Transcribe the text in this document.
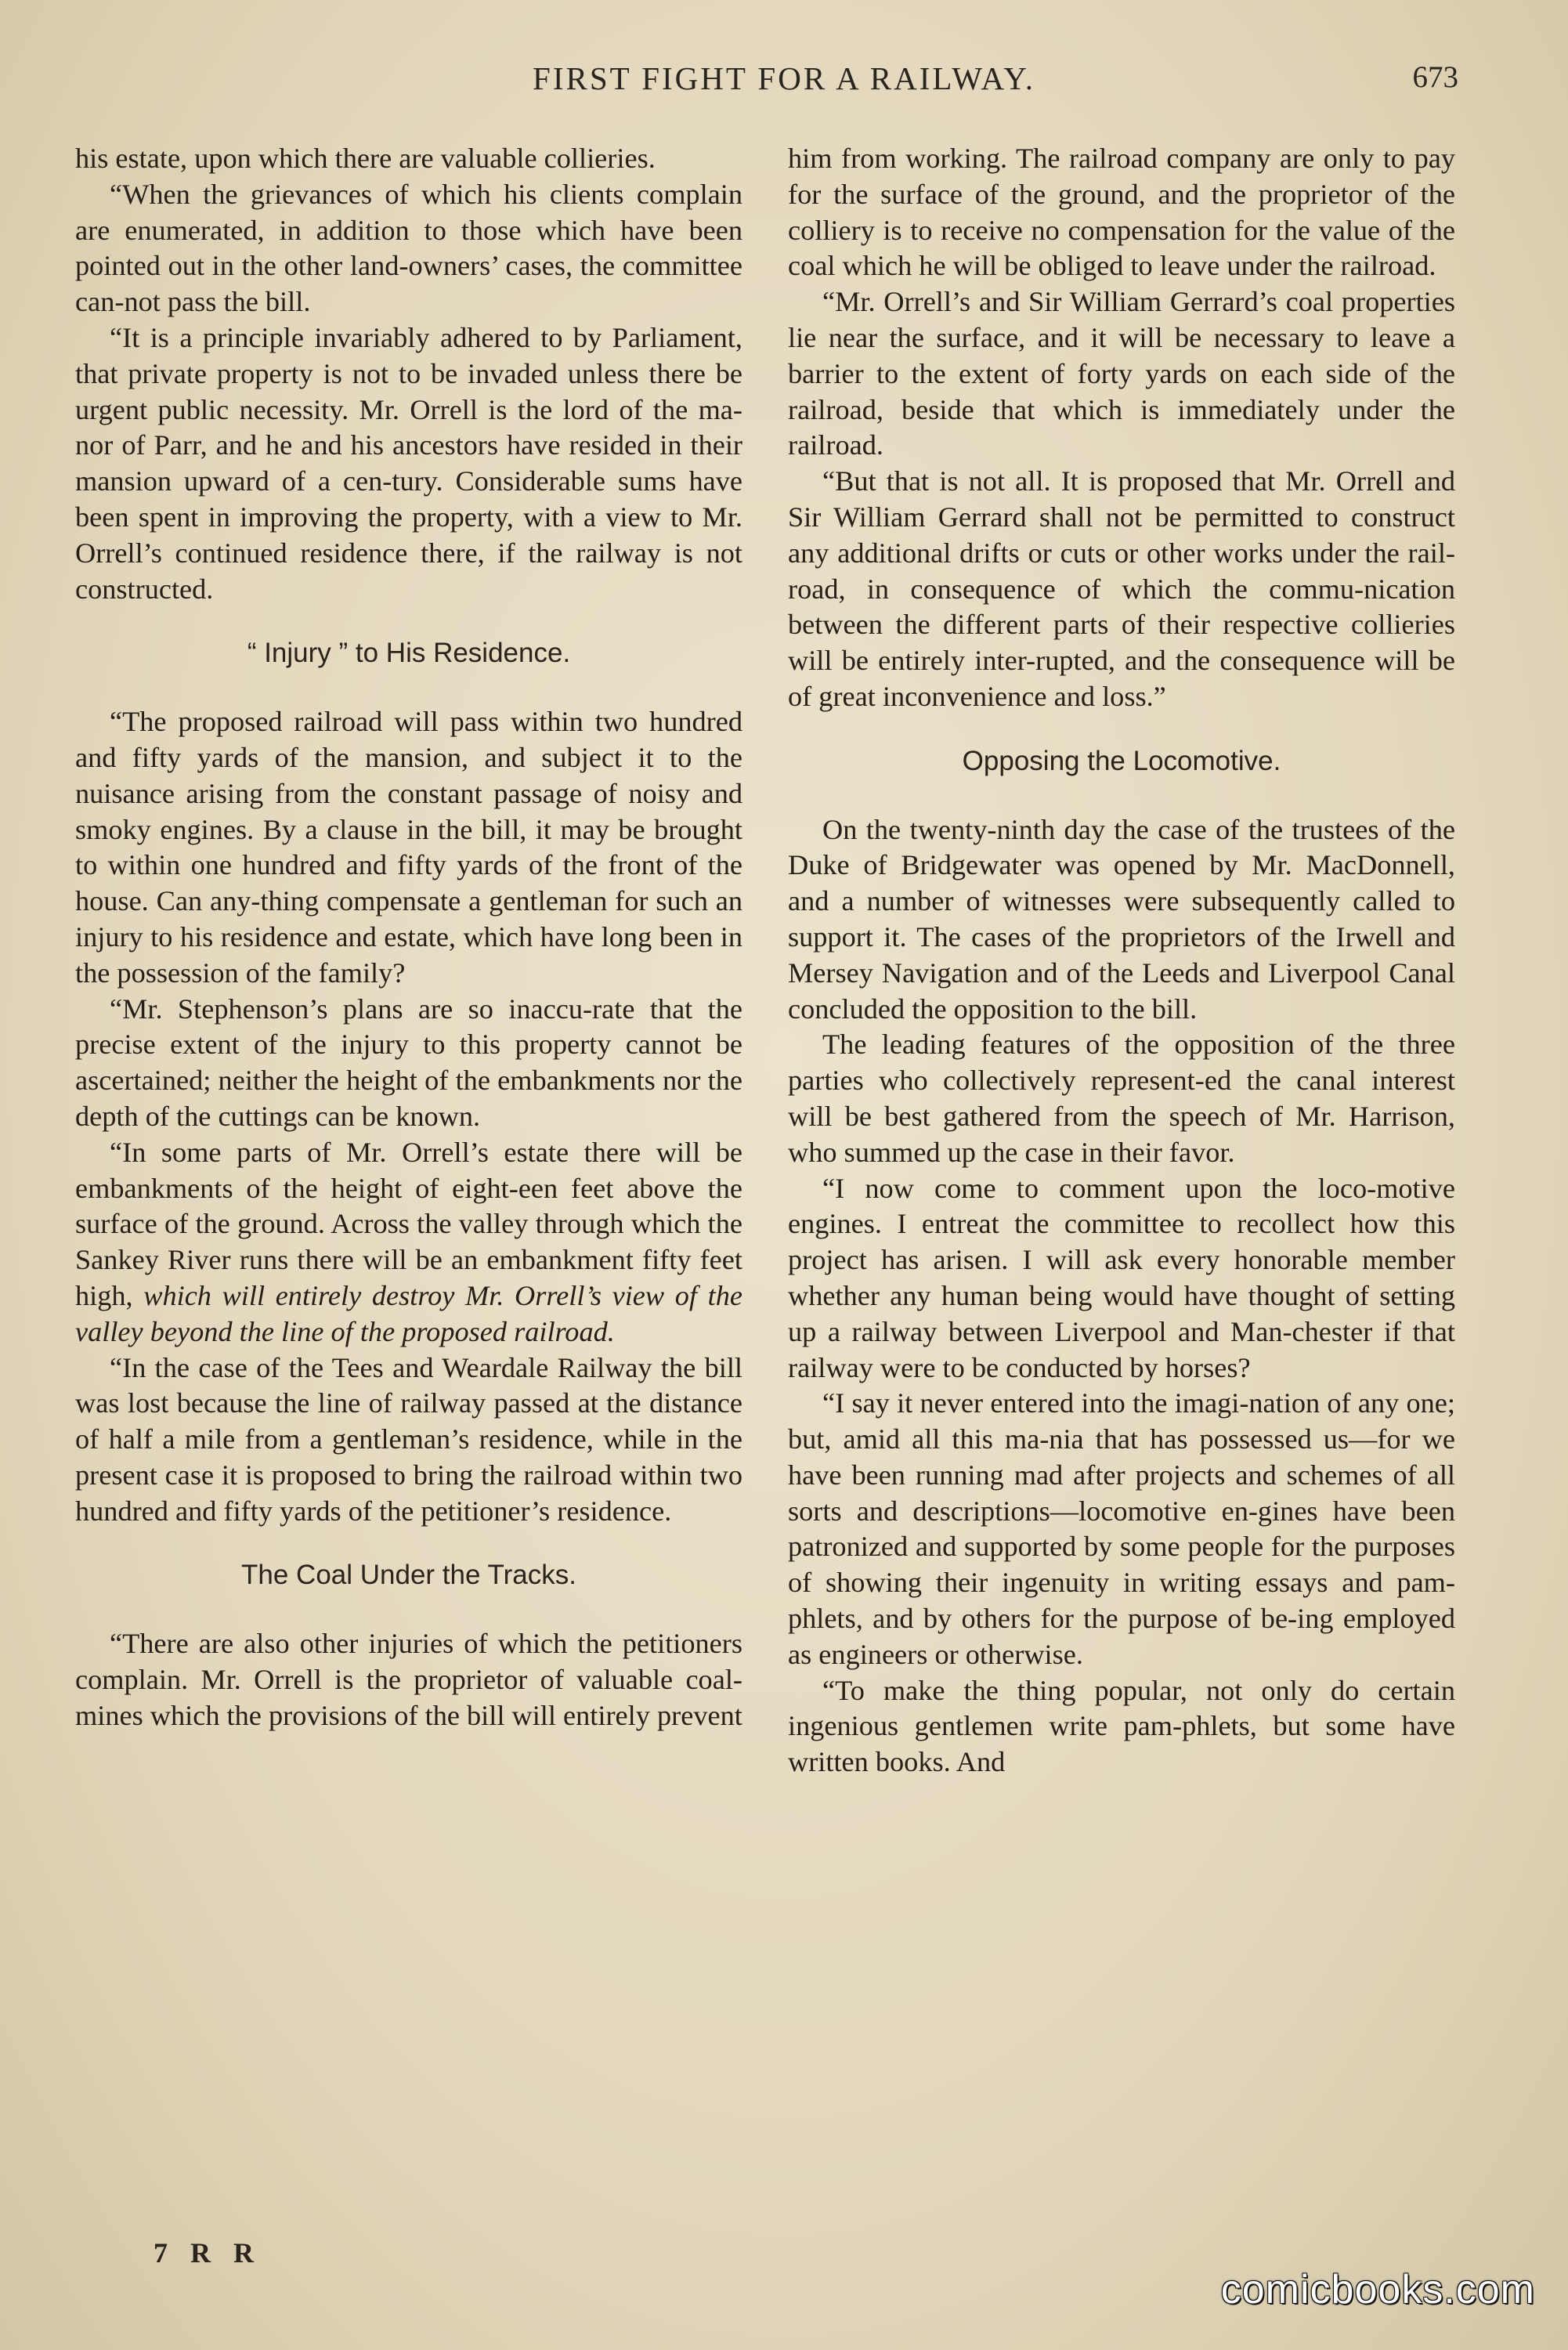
FIRST FIGHT FOR A RAILWAY.	673

his estate, upon which there are valuable collieries.

“When the grievances of which his clients complain are enumerated, in addition to those which have been pointed out in the other land-owners’ cases, the committee can-not pass the bill.

“It is a principle invariably adhered to by Parliament, that private property is not to be invaded unless there be urgent public necessity. Mr. Orrell is the lord of the ma-nor of Parr, and he and his ancestors have resided in their mansion upward of a cen-tury. Considerable sums have been spent in improving the property, with a view to Mr. Orrell’s continued residence there, if the railway is not constructed.

“ Injury ” to His Residence.

“The proposed railroad will pass within two hundred and fifty yards of the mansion, and subject it to the nuisance arising from the constant passage of noisy and smoky engines. By a clause in the bill, it may be brought to within one hundred and fifty yards of the front of the house. Can any-thing compensate a gentleman for such an injury to his residence and estate, which have long been in the possession of the family?

“Mr. Stephenson’s plans are so inaccu-rate that the precise extent of the injury to this property cannot be ascertained; neither the height of the embankments nor the depth of the cuttings can be known.

“In some parts of Mr. Orrell’s estate there will be embankments of the height of eight-een feet above the surface of the ground. Across the valley through which the Sankey River runs there will be an embankment fifty feet high, which will entirely destroy Mr. Orrell’s view of the valley beyond the line of the proposed railroad.

“In the case of the Tees and Weardale Railway the bill was lost because the line of railway passed at the distance of half a mile from a gentleman’s residence, while in the present case it is proposed to bring the railroad within two hundred and fifty yards of the petitioner’s residence.

The Coal Under the Tracks.

“There are also other injuries of which the petitioners complain. Mr. Orrell is the proprietor of valuable coal-mines which the provisions of the bill will entirely prevent

him from working. The railroad company are only to pay for the surface of the ground, and the proprietor of the colliery is to receive no compensation for the value of the coal which he will be obliged to leave under the railroad.

“Mr. Orrell’s and Sir William Gerrard’s coal properties lie near the surface, and it will be necessary to leave a barrier to the extent of forty yards on each side of the railroad, beside that which is immediately under the railroad.

“But that is not all. It is proposed that Mr. Orrell and Sir William Gerrard shall not be permitted to construct any additional drifts or cuts or other works under the rail-road, in consequence of which the commu-nication between the different parts of their respective collieries will be entirely inter-rupted, and the consequence will be of great inconvenience and loss.”

Opposing the Locomotive.

On the twenty-ninth day the case of the trustees of the Duke of Bridgewater was opened by Mr. MacDonnell, and a number of witnesses were subsequently called to support it. The cases of the proprietors of the Irwell and Mersey Navigation and of the Leeds and Liverpool Canal concluded the opposition to the bill.

The leading features of the opposition of the three parties who collectively represent-ed the canal interest will be best gathered from the speech of Mr. Harrison, who summed up the case in their favor.

“I now come to comment upon the loco-motive engines. I entreat the committee to recollect how this project has arisen. I will ask every honorable member whether any human being would have thought of setting up a railway between Liverpool and Man-chester if that railway were to be conducted by horses?

“I say it never entered into the imagi-nation of any one; but, amid all this ma-nia that has possessed us—for we have been running mad after projects and schemes of all sorts and descriptions—locomotive en-gines have been patronized and supported by some people for the purposes of showing their ingenuity in writing essays and pam-phlets, and by others for the purpose of be-ing employed as engineers or otherwise.

“To make the thing popular, not only do certain ingenious gentlemen write pam-phlets, but some have written books. And

7 R R
comicbooks.com
